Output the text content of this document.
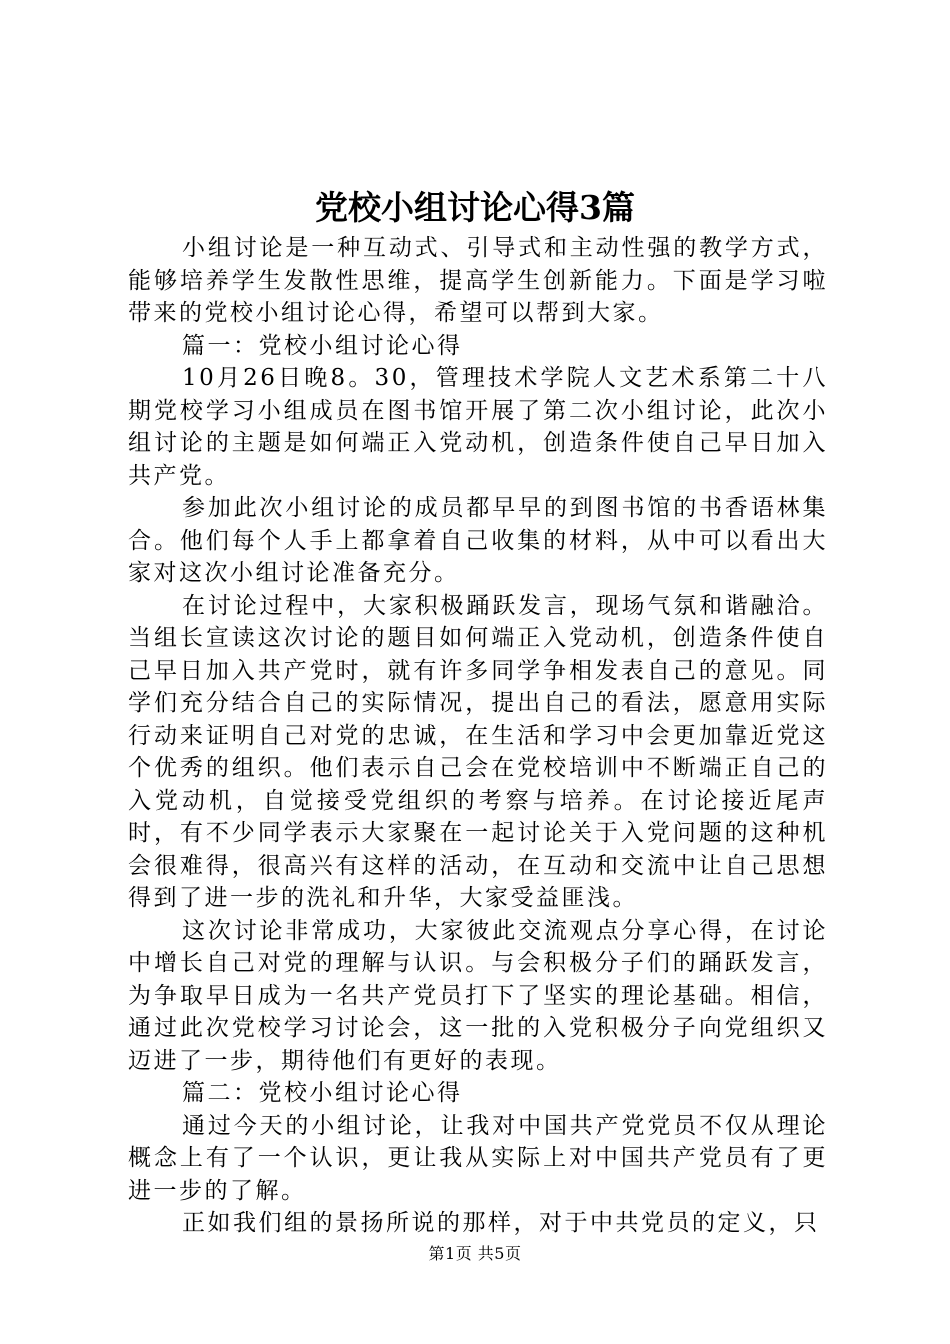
党校小组讨论心得3篇

小组讨论是一种互动式、引导式和主动性强的教学方式，能够培养学生发散性思维，提高学生创新能力。下面是学习啦带来的党校小组讨论心得，希望可以帮到大家。

篇一：党校小组讨论心得

10月26日晚8。30，管理技术学院人文艺术系第二十八期党校学习小组成员在图书馆开展了第二次小组讨论，此次小组讨论的主题是如何端正入党动机，创造条件使自己早日加入共产党。

参加此次小组讨论的成员都早早的到图书馆的书香语林集合。他们每个人手上都拿着自己收集的材料，从中可以看出大家对这次小组讨论准备充分。

在讨论过程中，大家积极踊跃发言，现场气氛和谐融洽。当组长宣读这次讨论的题目如何端正入党动机，创造条件使自己早日加入共产党时，就有许多同学争相发表自己的意见。同学们充分结合自己的实际情况，提出自己的看法，愿意用实际行动来证明自己对党的忠诚，在生活和学习中会更加靠近党这个优秀的组织。他们表示自己会在党校培训中不断端正自己的入党动机，自觉接受党组织的考察与培养。在讨论接近尾声时，有不少同学表示大家聚在一起讨论关于入党问题的这种机会很难得，很高兴有这样的活动，在互动和交流中让自己思想得到了进一步的洗礼和升华，大家受益匪浅。

这次讨论非常成功，大家彼此交流观点分享心得，在讨论中增长自己对党的理解与认识。与会积极分子们的踊跃发言，为争取早日成为一名共产党员打下了坚实的理论基础。相信，通过此次党校学习讨论会，这一批的入党积极分子向党组织又迈进了一步，期待他们有更好的表现。

篇二：党校小组讨论心得

通过今天的小组讨论，让我对中国共产党党员不仅从理论概念上有了一个认识，更让我从实际上对中国共产党员有了更进一步的了解。

正如我们组的景扬所说的那样，对于中共党员的定义，只

第1页 共5页
